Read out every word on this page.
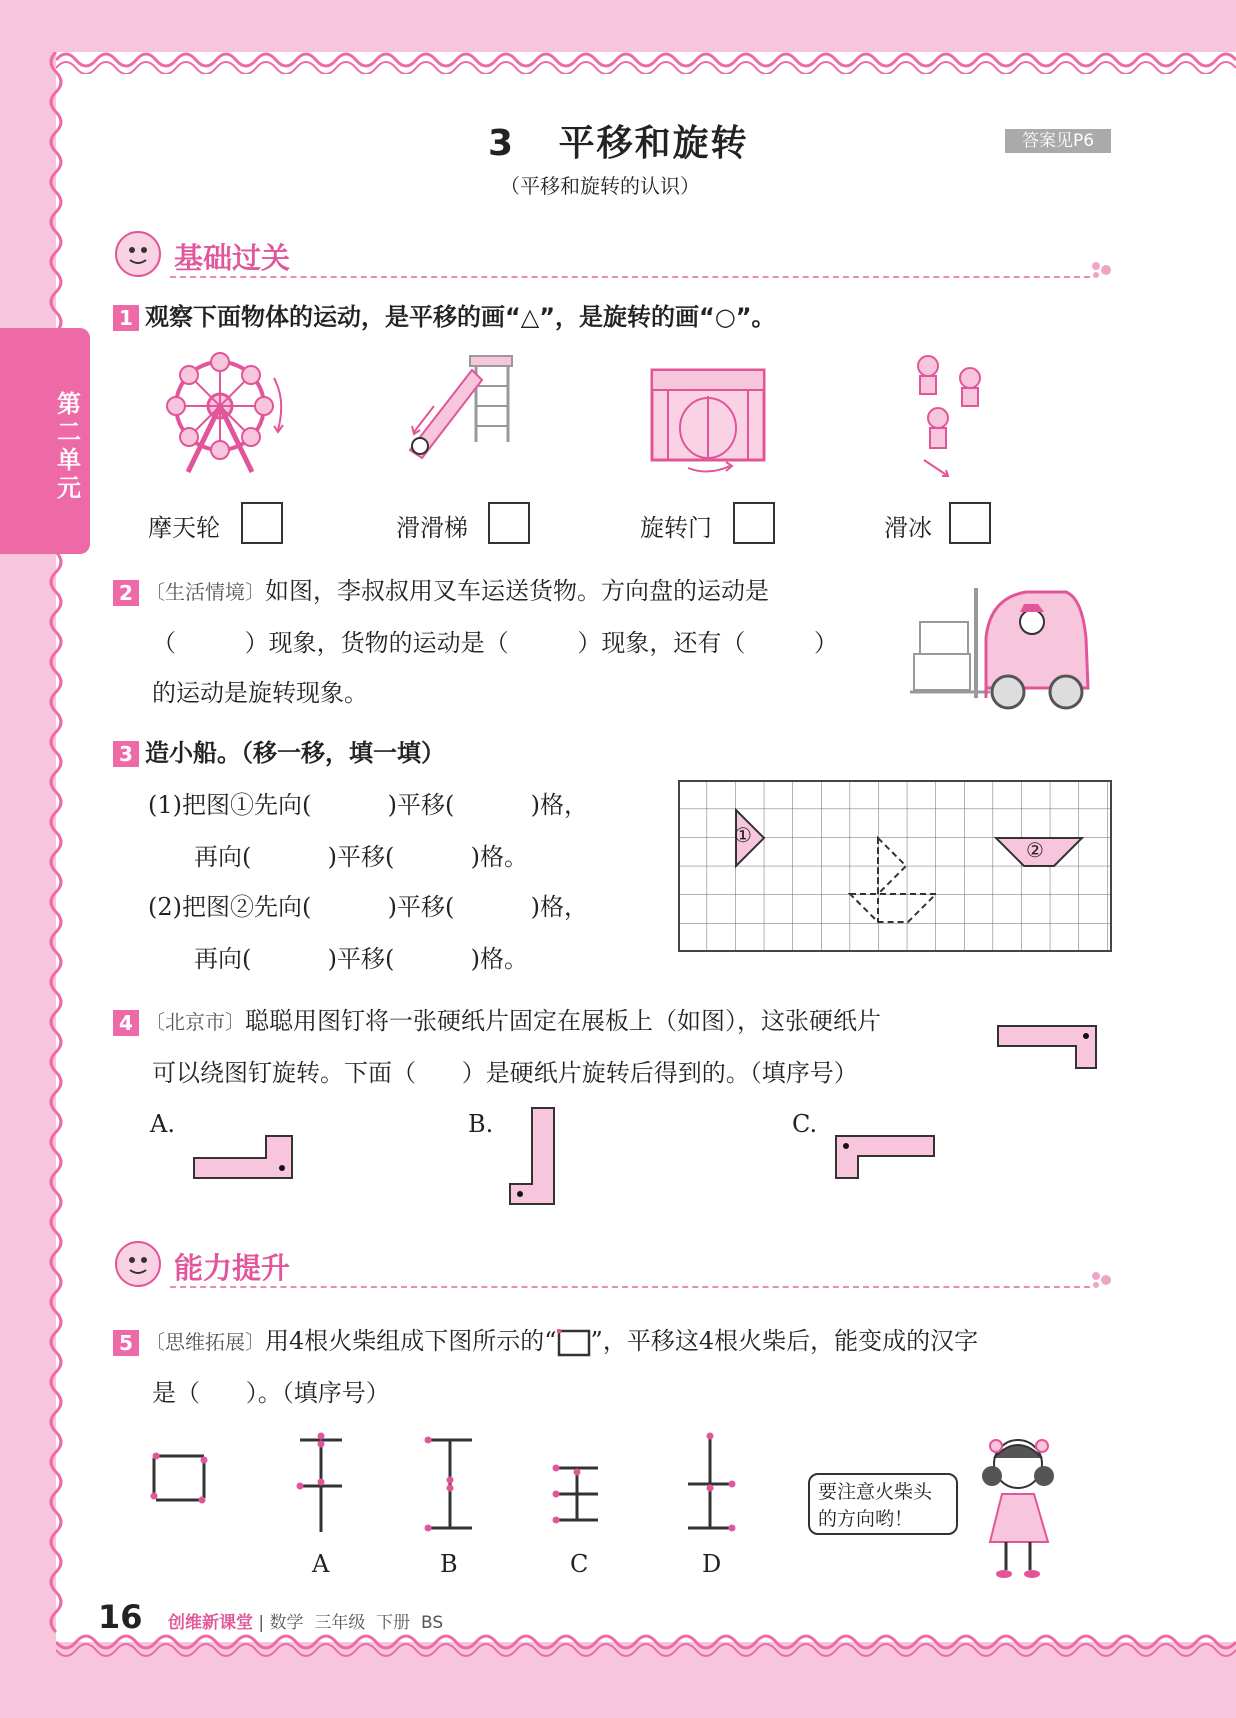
第二单元
3   平移和旋转
（平移和旋转的认识）
答案见P6
基础过关
1 观察下面物体的运动，是平移的画“△”，是旋转的画“○”。
摩天轮	滑滑梯	旋转门	滑冰
2 〔生活情境〕如图，李叔叔用叉车运送货物。方向盘的运动是
（         ）现象，货物的运动是（         ）现象，还有（         ）
的运动是旋转现象。
3 造小船。（移一移，填一填）
(1)把图①先向(          )平移(          )格，
再向(          )平移(          )格。
(2)把图②先向(          )平移(          )格，
再向(          )平移(          )格。
①
②
4 〔北京市〕聪聪用图钉将一张硬纸片固定在展板上（如图），这张硬纸片
可以绕图钉旋转。下面（      ）是硬纸片旋转后得到的。（填序号）
A.	B.	C.
能力提升
5 〔思维拓展〕用4根火柴组成下图所示的“ ”，平移这4根火柴后，能变成的汉字
是（      ）。（填序号）
A	B	C	D
要注意火柴头的方向哟！
16 创维新课堂 | 数学  三年级  下册  BS
